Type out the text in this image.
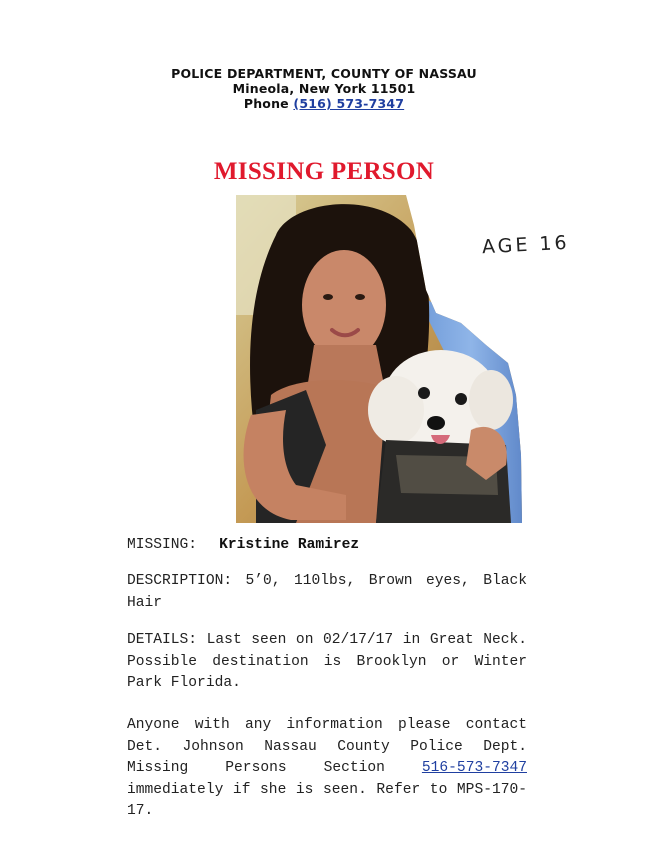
POLICE DEPARTMENT, COUNTY OF NASSAU
Mineola, New York 11501
Phone (516) 573-7347
MISSING PERSON
AGE 16
MISSING: Kristine Ramirez
DESCRIPTION: 5’0, 110lbs, Brown eyes, Black Hair
DETAILS: Last seen on 02/17/17 in Great Neck. Possible destination is Brooklyn or Winter Park Florida.
Anyone with any information please contact Det. Johnson Nassau County Police Dept. Missing Persons Section	516-573-7347 immediately if she is seen. Refer to MPS-170-17.
